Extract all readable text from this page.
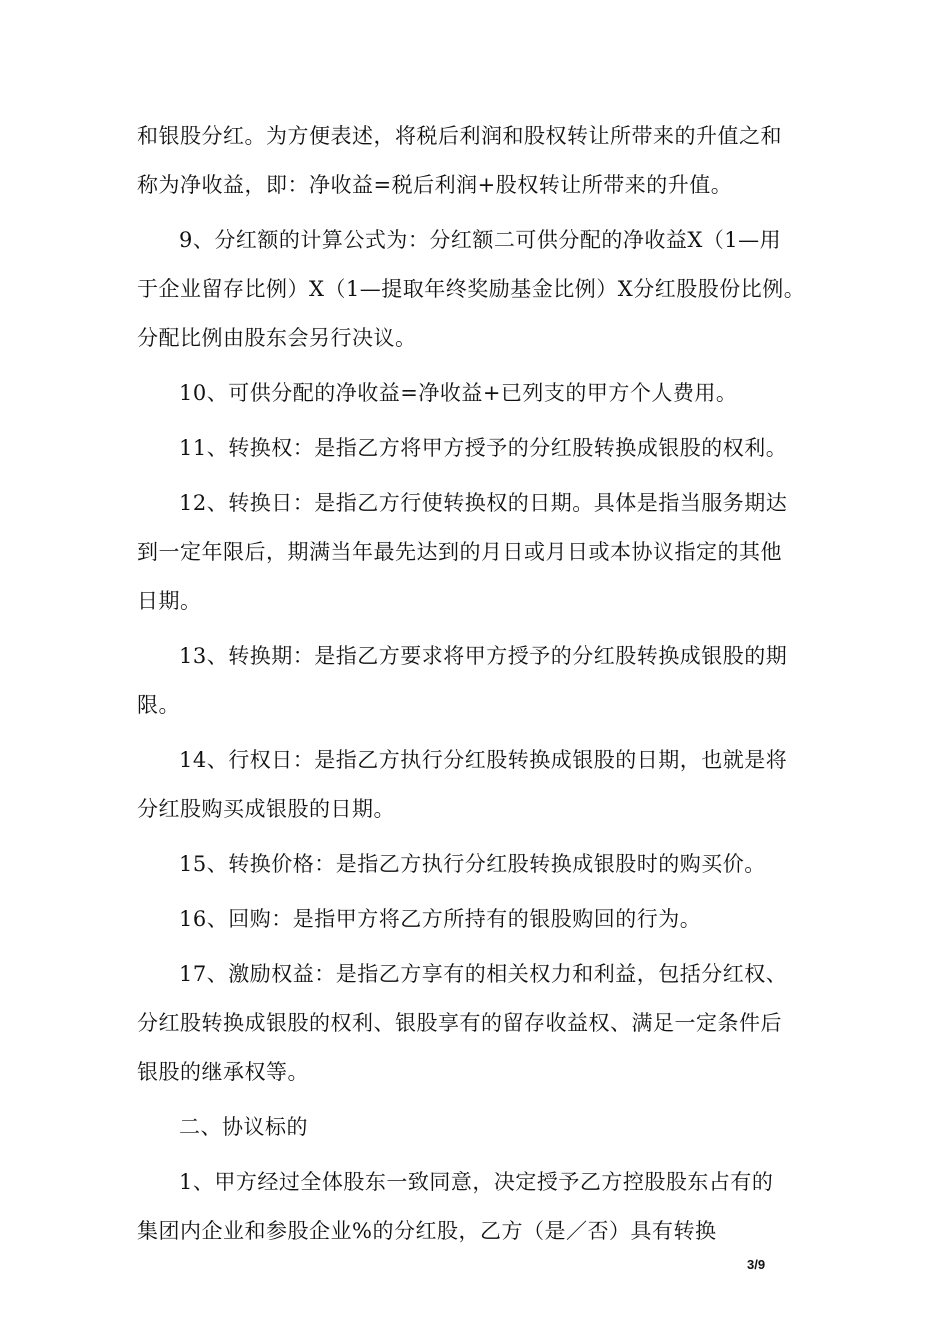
和银股分红。为方便表述，将税后利润和股权转让所带来的升值之和
称为净收益，即：净收益=税后利润+股权转让所带来的升值。

9、分红额的计算公式为：分红额二可供分配的净收益X（1—用
于企业留存比例）X（1—提取年终奖励基金比例）X分红股股份比例。
分配比例由股东会另行决议。

10、可供分配的净收益=净收益+已列支的甲方个人费用。

11、转换权：是指乙方将甲方授予的分红股转换成银股的权利。

12、转换日：是指乙方行使转换权的日期。具体是指当服务期达
到一定年限后，期满当年最先达到的月日或月日或本协议指定的其他
日期。

13、转换期：是指乙方要求将甲方授予的分红股转换成银股的期
限。

14、行权日：是指乙方执行分红股转换成银股的日期，也就是将
分红股购买成银股的日期。

15、转换价格：是指乙方执行分红股转换成银股时的购买价。

16、回购：是指甲方将乙方所持有的银股购回的行为。

17、激励权益：是指乙方享有的相关权力和利益，包括分红权、
分红股转换成银股的权利、银股享有的留存收益权、满足一定条件后
银股的继承权等。

二、协议标的

1、甲方经过全体股东一致同意，决定授予乙方控股股东占有的
集团内企业和参股企业%的分红股，乙方（是／否）具有转换

3/9
